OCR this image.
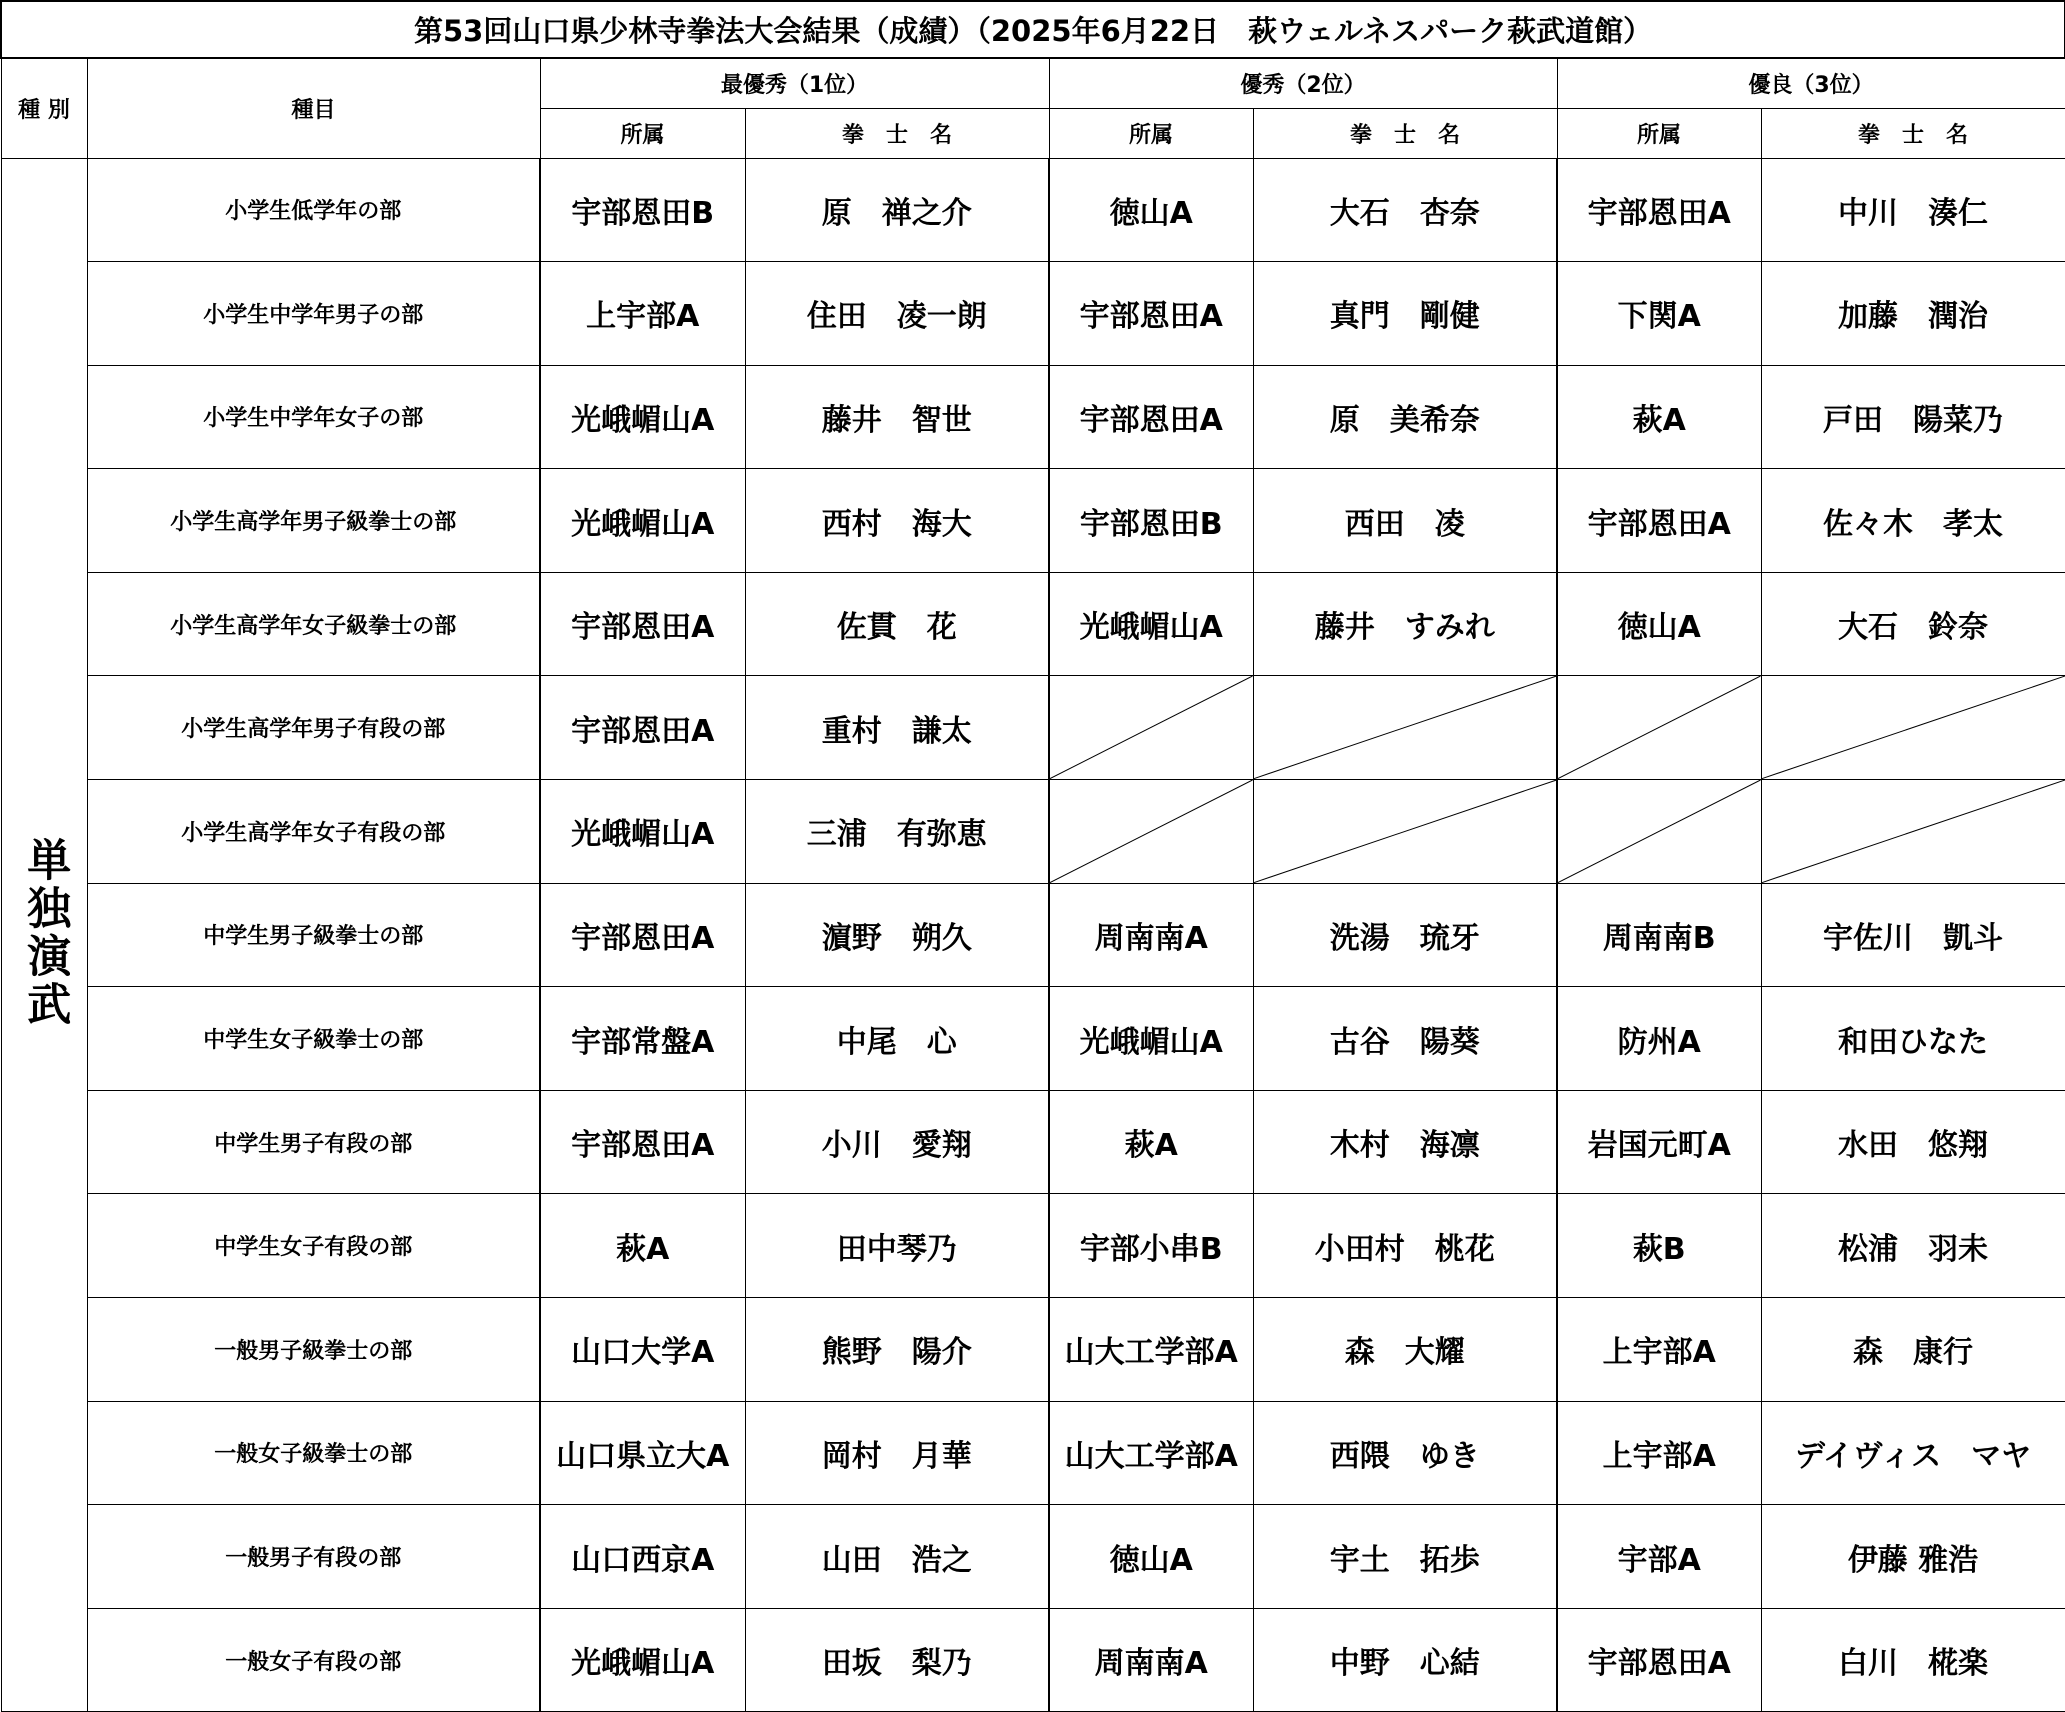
第53回山口県少林寺拳法大会結果（成績）（2025年6月22日　萩ウェルネスパーク萩武道館）							
種 別	種目	最優秀（1位）		優秀（2位）		優良（3位）	
		所属	拳　士　名	所属	拳　士　名	所属	拳　士　名
単独演武	小学生低学年の部	宇部恩田B	原　禅之介	徳山A	大石　杏奈	宇部恩田A	中川　湊仁
	小学生中学年男子の部	上宇部A	住田　凌一朗	宇部恩田A	真門　剛健	下関A	加藤　潤治
	小学生中学年女子の部	光峨嵋山A	藤井　智世	宇部恩田A	原　美希奈	萩A	戸田　陽菜乃
	小学生高学年男子級拳士の部	光峨嵋山A	西村　海大	宇部恩田B	西田　凌	宇部恩田A	佐々木　孝太
	小学生高学年女子級拳士の部	宇部恩田A	佐貫　花	光峨嵋山A	藤井　すみれ	徳山A	大石　鈴奈
	小学生高学年男子有段の部	宇部恩田A	重村　謙太	

	小学生高学年女子有段の部	光峨嵋山A	三浦　有弥恵	

	中学生男子級拳士の部	宇部恩田A	濵野　朔久	周南南A	洗湯　琉牙	周南南B	宇佐川　凱斗
	中学生女子級拳士の部	宇部常盤A	中尾　心	光峨嵋山A	古谷　陽葵	防州A	和田ひなた
	中学生男子有段の部	宇部恩田A	小川　愛翔	萩A	木村　海凛	岩国元町A	水田　悠翔
	中学生女子有段の部	萩A	田中琴乃	宇部小串B	小田村　桃花	萩B	松浦　羽未
	一般男子級拳士の部	山口大学A	熊野　陽介	山大工学部A	森　大耀	上宇部A	森　康行
	一般女子級拳士の部	山口県立大A	岡村　月華	山大工学部A	西隈　ゆき	上宇部A	デイヴィス　マヤ
	一般男子有段の部	山口西京A	山田　浩之	徳山A	宇土　拓歩	宇部A	伊藤 雅浩
	一般女子有段の部	光峨嵋山A	田坂　梨乃	周南南A	中野　心結	宇部恩田A	白川　椛楽
